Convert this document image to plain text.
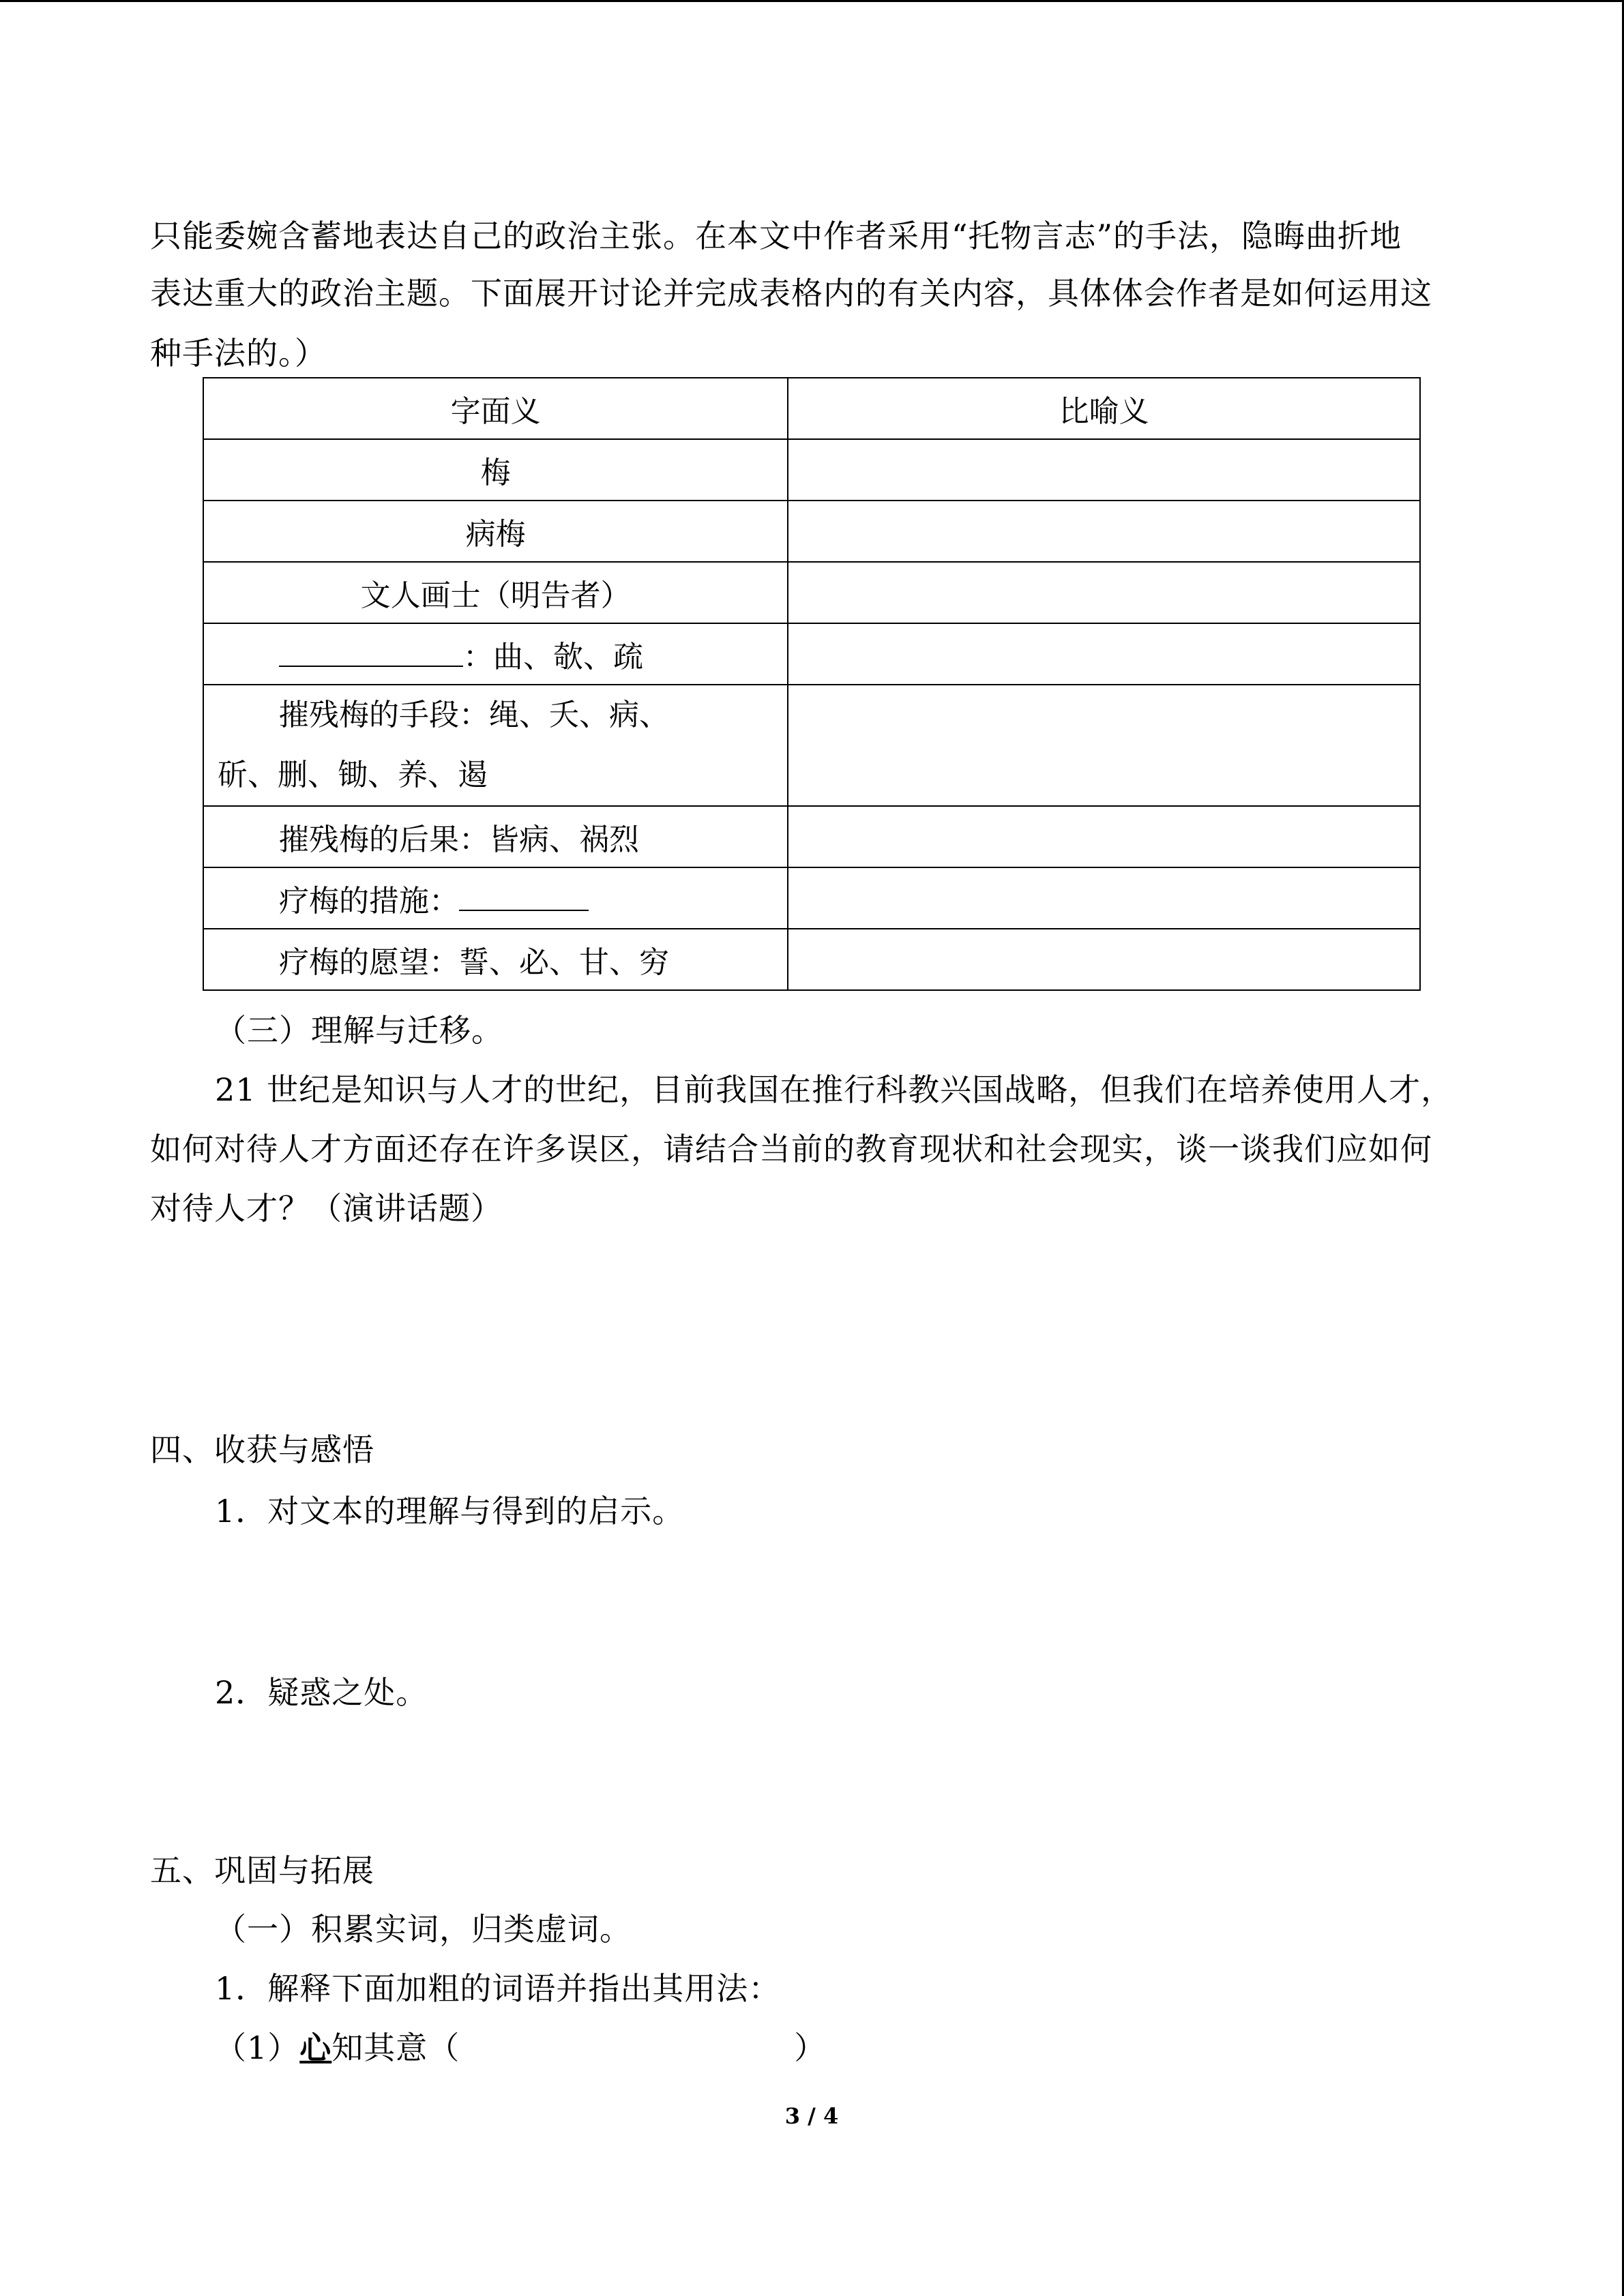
只能委婉含蓄地表达自己的政治主张。在本文中作者采用“托物言志”的手法，隐晦曲折地
表达重大的政治主题。下面展开讨论并完成表格内的有关内容，具体体会作者是如何运用这
种手法的。）
字面义	比喻义
梅	
病梅	
文人画士（明告者）	
：曲、欹、疏	

摧残梅的手段：绳、夭、病、
斫、删、锄、养、遏	

摧残梅的后果：皆病、祸烈	
疗梅的措施：	
疗梅的愿望：誓、必、甘、穷	
（三）理解与迁移。
21 世纪是知识与人才的世纪，目前我国在推行科教兴国战略，但我们在培养使用人才，
如何对待人才方面还存在许多误区，请结合当前的教育现状和社会现实，谈一谈我们应如何
对待人才？（演讲话题）
四、收获与感悟
1．对文本的理解与得到的启示。
2．疑惑之处。
五、巩固与拓展
（一）积累实词，归类虚词。
1．解释下面加粗的词语并指出其用法：
（1）心知其意（	）
3 / 4
